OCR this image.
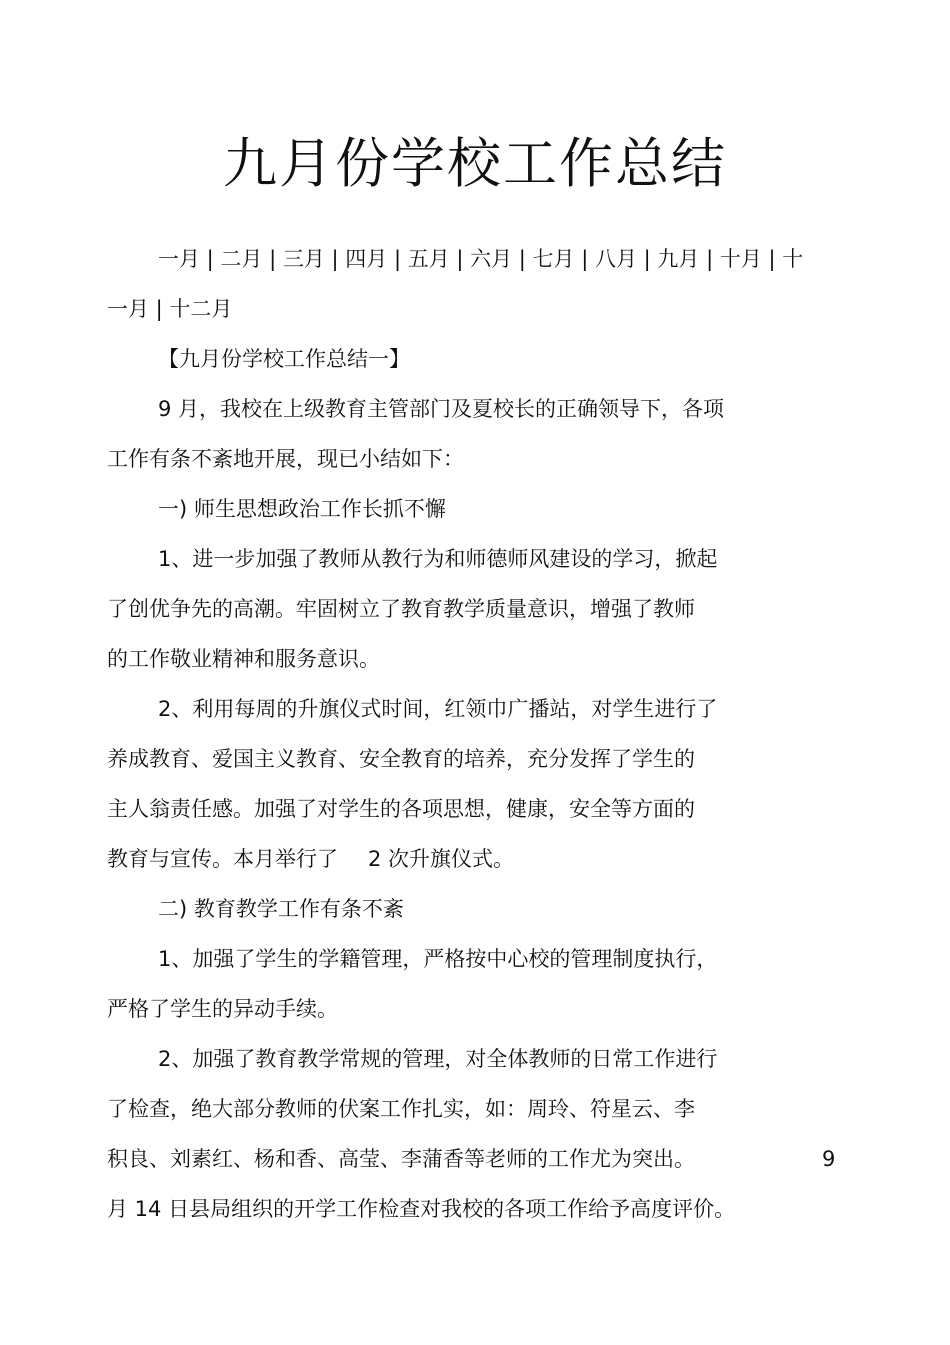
九月份学校工作总结
一月 | 二月 | 三月 | 四月 | 五月 | 六月 | 七月 | 八月 | 九月 | 十月 | 十
一月 | 十二月
【九月份学校工作总结一】
9 月，我校在上级教育主管部门及夏校长的正确领导下，各项
工作有条不紊地开展，现已小结如下：
一) 师生思想政治工作长抓不懈
1、进一步加强了教师从教行为和师德师风建设的学习，掀起
了创优争先的高潮。牢固树立了教育教学质量意识，增强了教师
的工作敬业精神和服务意识。
2、利用每周的升旗仪式时间，红领巾广播站，对学生进行了
养成教育、爱国主义教育、安全教育的培养，充分发挥了学生的
主人翁责任感。加强了对学生的各项思想，健康，安全等方面的
教育与宣传。本月举行了 2 次升旗仪式。
二) 教育教学工作有条不紊
1、加强了学生的学籍管理，严格按中心校的管理制度执行，
严格了学生的异动手续。
2、加强了教育教学常规的管理，对全体教师的日常工作进行
了检查，绝大部分教师的伏案工作扎实，如：周玲、符星云、李
积良、刘素红、杨和香、高莹、李蒲香等老师的工作尤为突出。	9
月 14 日县局组织的开学工作检查对我校的各项工作给予高度评价。
